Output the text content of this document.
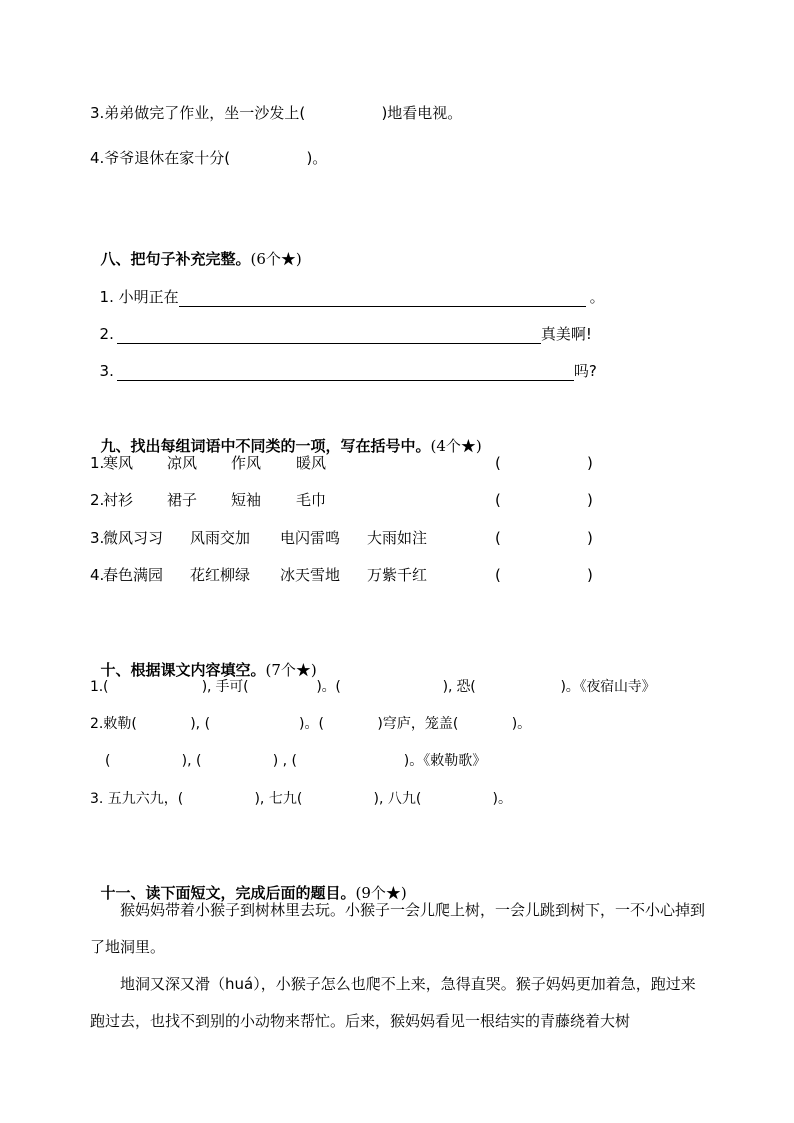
3.弟弟做完了作业，坐一沙发上(                )地看电视。
4.爷爷退休在家十分(                )。

八、把句子补充完整。(6个★)

1. 小明正在	。

2.	真美啊!

3.	吗?

九、找出每组词语中不同类的一项，写在括号中。(4个★)

1.
寒风 凉风 作风 暖风	(	)
2.
衬衫 裙子 短袖 毛巾	(	)
3.
微风习习 风雨交加 电闪雷鸣 大雨如注	(	)
4.
春色满园 花红柳绿 冰天雪地 万紫千红	(	)

十、根据课文内容填空。(7个★)

1.(                      ), 手可(                )。(                        ), 恐(                    )。《夜宿山寺》
2.敕勒(            ), (                    )。(            )穹庐，笼盖(            )。
(                ), (                ) , (                        )。《敕勒歌》
3. 五九六九，(                ), 七九(                ), 八九(                )。

十一、读下面短文，完成后面的题目。(9个★)

猴妈妈带着小猴子到树林里去玩。小猴子一会儿爬上树，一会儿跳到树下，一不小心掉到了地洞里。
地洞又深又滑（huá），小猴子怎么也爬不上来，急得直哭。猴子妈妈更加着急，跑过来跑过去，也找不到别的小动物来帮忙。后来，猴妈妈看见一根结实的青藤绕着大树
